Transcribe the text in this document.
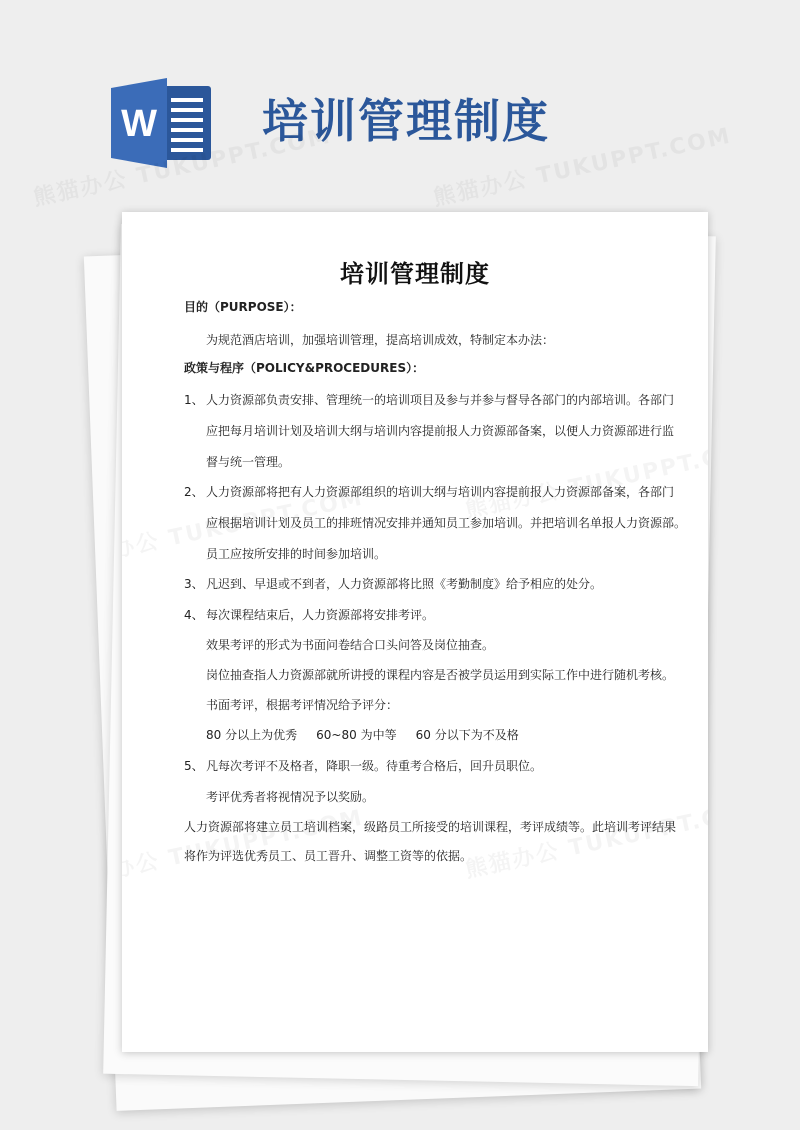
W 培训管理制度
培训管理制度
目的（PURPOSE）：
为规范酒店培训，加强培训管理，提高培训成效，特制定本办法：
政策与程序（POLICY&PROCEDURES）：
1、 人力资源部负责安排、管理统一的培训项目及参与并参与督导各部门的内部培训。各部门
应把每月培训计划及培训大纲与培训内容提前报人力资源部备案，以便人力资源部进行监
督与统一管理。
2、 人力资源部将把有人力资源部组织的培训大纲与培训内容提前报人力资源部备案，各部门
应根据培训计划及员工的排班情况安排并通知员工参加培训。并把培训名单报人力资源部。
员工应按所安排的时间参加培训。
3、 凡迟到、早退或不到者，人力资源部将比照《考勤制度》给予相应的处分。
4、 每次课程结束后，人力资源部将安排考评。
效果考评的形式为书面问卷结合口头问答及岗位抽查。
岗位抽查指人力资源部就所讲授的课程内容是否被学员运用到实际工作中进行随机考核。
书面考评，根据考评情况给予评分：
80 分以上为优秀     60~80 为中等     60 分以下为不及格
5、 凡每次考评不及格者，降职一级。待重考合格后，回升员职位。
考评优秀者将视情况予以奖励。
人力资源部将建立员工培训档案，级路员工所接受的培训课程，考评成绩等。此培训考评结果
将作为评选优秀员工、员工晋升、调整工资等的依据。
